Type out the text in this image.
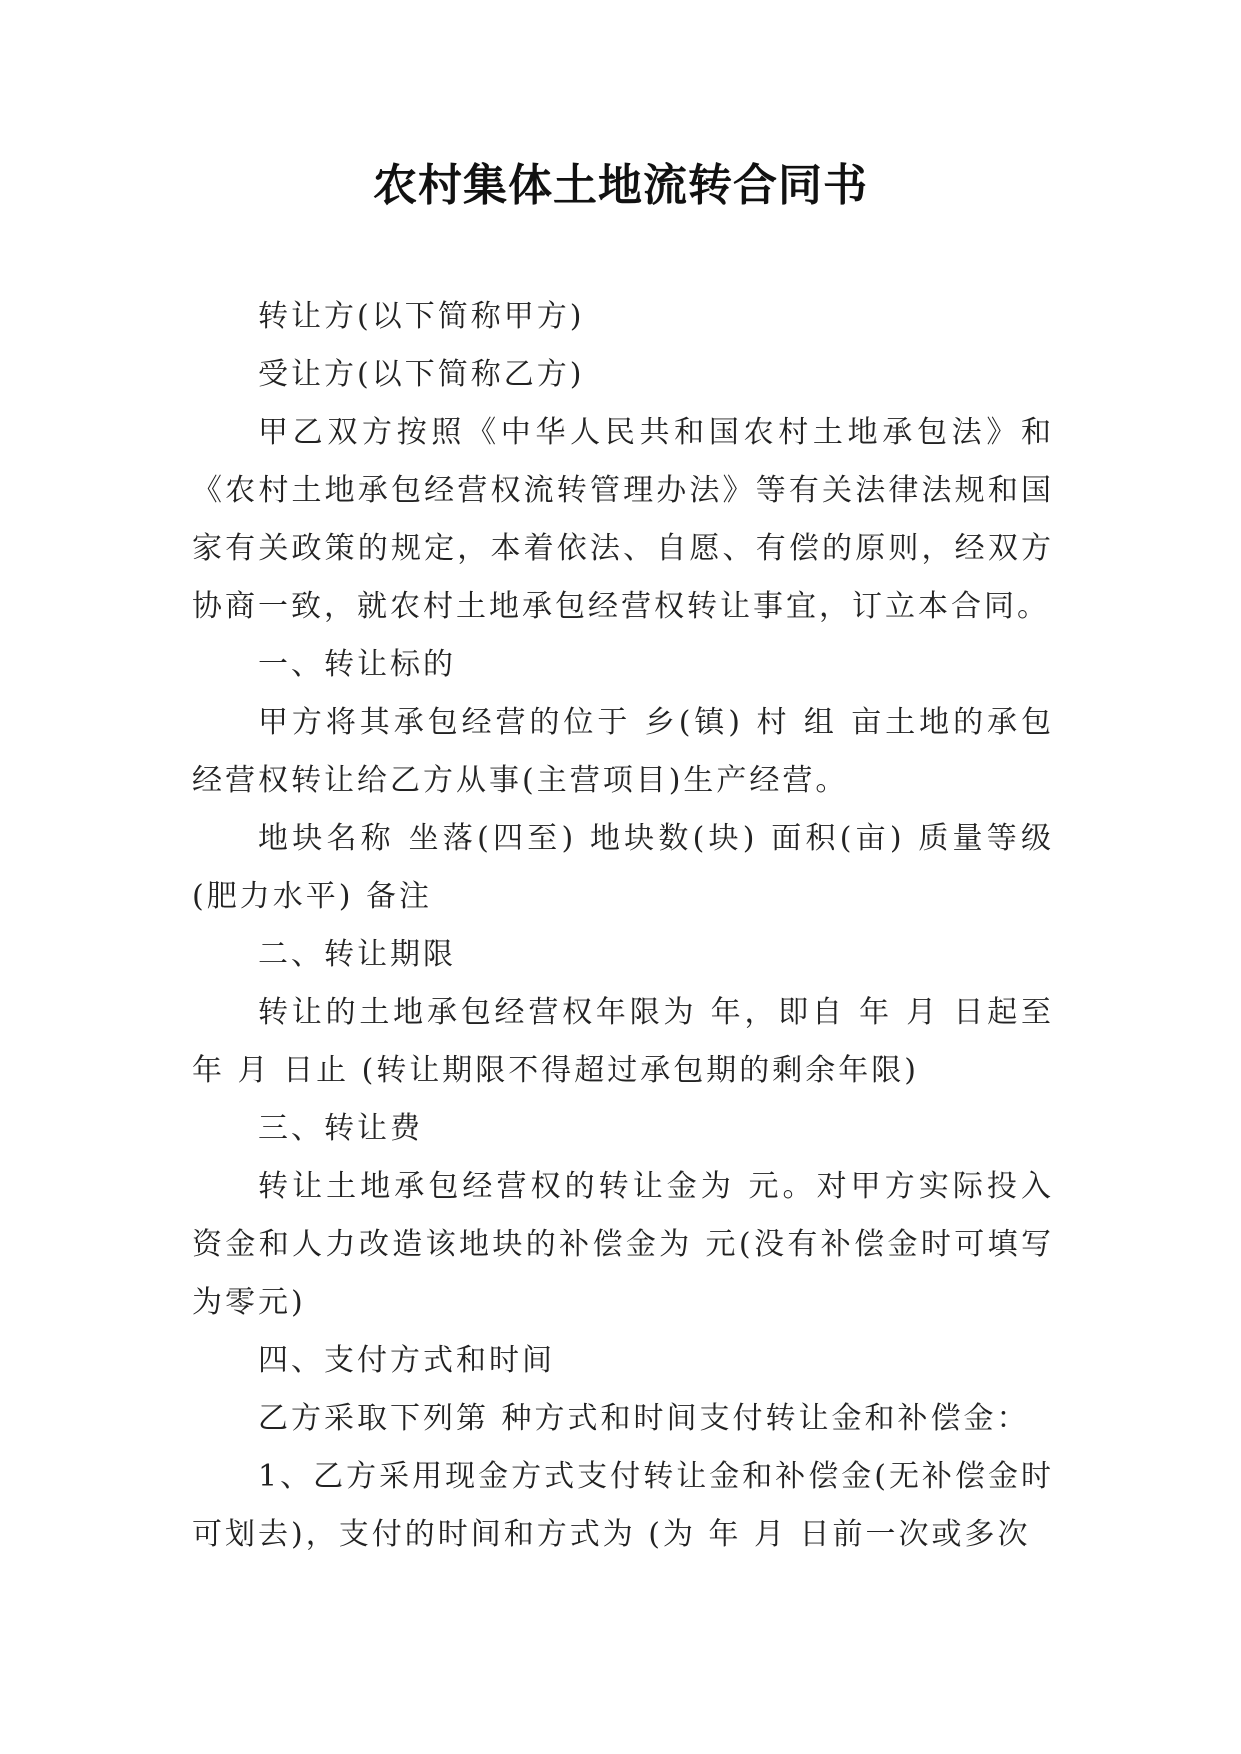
农村集体土地流转合同书

转让方(以下简称甲方)

受让方(以下简称乙方)

甲乙双方按照《中华人民共和国农村土地承包法》和《农村土地承包经营权流转管理办法》等有关法律法规和国家有关政策的规定，本着依法、自愿、有偿的原则，经双方协商一致，就农村土地承包经营权转让事宜，订立本合同。

一、转让标的

甲方将其承包经营的位于 乡(镇) 村 组 亩土地的承包经营权转让给乙方从事(主营项目)生产经营。

地块名称 坐落(四至) 地块数(块) 面积(亩) 质量等级(肥力水平) 备注

二、转让期限

转让的土地承包经营权年限为 年，即自 年 月 日起至 年 月 日止 (转让期限不得超过承包期的剩余年限)

三、转让费

转让土地承包经营权的转让金为 元。对甲方实际投入资金和人力改造该地块的补偿金为 元(没有补偿金时可填写为零元)

四、支付方式和时间

乙方采取下列第 种方式和时间支付转让金和补偿金：

1、乙方采用现金方式支付转让金和补偿金(无补偿金时可划去)，支付的时间和方式为 (为 年 月 日前一次或多次
